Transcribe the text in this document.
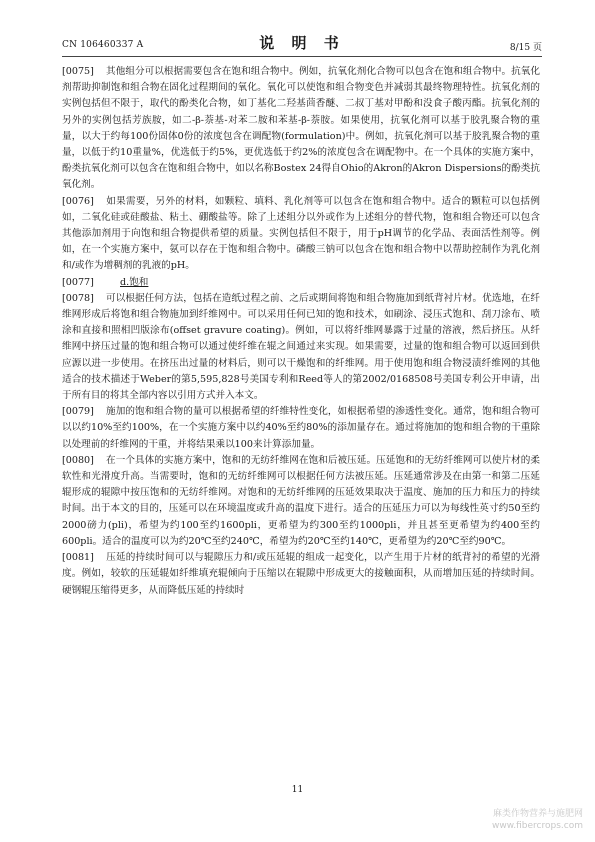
CN 106460337 A	说 明 书	8/15 页

[0075] 其他组分可以根据需要包含在饱和组合物中。例如，抗氧化剂化合物可以包含在饱和组合物中。抗氧化剂帮助抑制饱和组合物在固化过程期间的氧化。氧化可以使饱和组合物变色并减弱其最终物理特性。抗氧化剂的实例包括但不限于，取代的酚类化合物，如丁基化二羟基茴香醚、二叔丁基对甲酚和没食子酸丙酯。抗氧化剂的另外的实例包括芳族胺，如二-β-萘基-对苯二胺和苯基-β-萘胺。如果使用，抗氧化剂可以基于胶乳聚合物的重量，以大于约每100份固体0份的浓度包含在调配物(formulation)中。例如，抗氧化剂可以基于胶乳聚合物的重量，以低于约10重量%，优选低于约5%，更优选低于约2%的浓度包含在调配物中。在一个具体的实施方案中，酚类抗氧化剂可以包含在饱和组合物中，如以名称Bostex 24得自Ohio的Akron的Akron Dispersions的酚类抗氧化剂。

[0076] 如果需要，另外的材料，如颗粒、填料、乳化剂等可以包含在饱和组合物中。适合的颗粒可以包括例如，二氧化硅或硅酸盐、粘土、硼酸盐等。除了上述组分以外或作为上述组分的替代物，饱和组合物还可以包含其他添加剂用于向饱和组合物提供希望的质量。实例包括但不限于，用于pH调节的化学品、表面活性剂等。例如，在一个实施方案中，氨可以存在于饱和组合物中。磷酸三钠可以包含在饱和组合物中以帮助控制作为乳化剂和/或作为增稠剂的乳液的pH。

[0077]	d.饱和

[0078] 可以根据任何方法，包括在造纸过程之前、之后或期间将饱和组合物施加到纸背衬片材。优选地，在纤维网形成后将饱和组合物施加到纤维网中。可以采用任何已知的饱和技术，如刷涂、浸压式饱和、刮刀涂布、喷涂和直接和照相凹版涂布(offset gravure coating)。例如，可以将纤维网暴露于过量的溶液，然后挤压。从纤维网中挤压过量的饱和组合物可以通过使纤维在辊之间通过来实现。如果需要，过量的饱和组合物可以返回到供应源以进一步使用。在挤压出过量的材料后，则可以干燥饱和的纤维网。用于使用饱和组合物浸渍纤维网的其他适合的技术描述于Weber的第5,595,828号美国专利和Reed等人的第2002/0168508号美国专利公开申请，出于所有目的将其全部内容以引用方式并入本文。

[0079] 施加的饱和组合物的量可以根据希望的纤维特性变化，如根据希望的渗透性变化。通常，饱和组合物可以以约10%至约100%，在一个实施方案中以约40%至约80%的添加量存在。通过将施加的饱和组合物的干重除以处理前的纤维网的干重，并将结果乘以100来计算添加量。

[0080] 在一个具体的实施方案中，饱和的无纺纤维网在饱和后被压延。压延饱和的无纺纤维网可以使片材的柔软性和光滑度升高。当需要时，饱和的无纺纤维网可以根据任何方法被压延。压延通常涉及在由第一和第二压延辊形成的辊隙中按压饱和的无纺纤维网。对饱和的无纺纤维网的压延效果取决于温度、施加的压力和压力的持续时间。出于本文的目的，压延可以在环境温度或升高的温度下进行。适合的压延压力可以为每线性英寸约50至约2000磅力(pli)，希望为约100至约1600pli，更希望为约300至约1000pli，并且甚至更希望为约400至约600pli。适合的温度可以为约20℃至约240℃，希望为约20℃至约140℃，更希望为约20℃至约90℃。

[0081] 压延的持续时间可以与辊隙压力和/或压延辊的组成一起变化，以产生用于片材的纸背衬的希望的光滑度。例如，较软的压延辊如纤维填充辊倾向于压缩以在辊隙中形成更大的接触面积，从而增加压延的持续时间。硬钢辊压缩得更多，从而降低压延的持续时

11
麻类作物营养与施肥网
www.fibercrops.com
